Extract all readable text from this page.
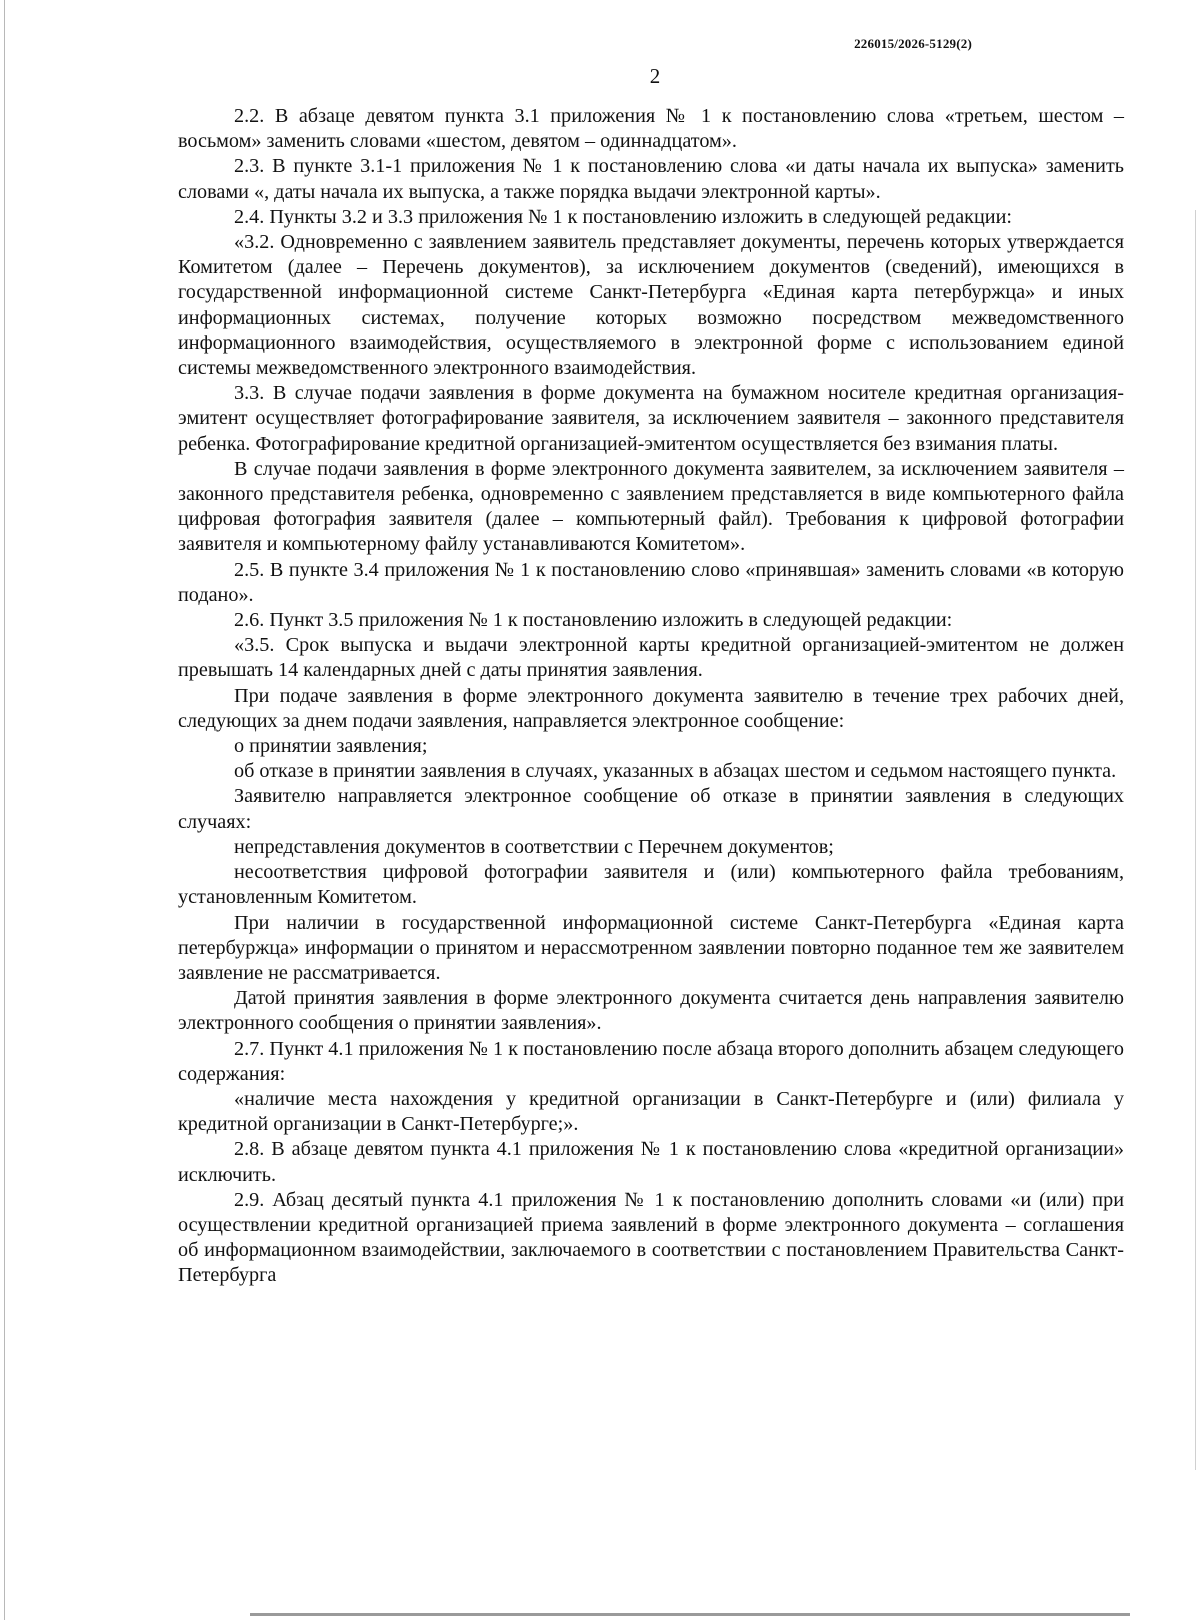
226015/2026-5129(2)
2

2.2. В абзаце девятом пункта 3.1 приложения № 1 к постановлению слова «третьем, шестом – восьмом» заменить словами «шестом, девятом – одиннадцатом».

2.3. В пункте 3.1-1 приложения № 1 к постановлению слова «и даты начала их выпуска» заменить словами «, даты начала их выпуска, а также порядка выдачи электронной карты».

2.4. Пункты 3.2 и 3.3 приложения № 1 к постановлению изложить в следующей редакции:

«3.2. Одновременно с заявлением заявитель представляет документы, перечень которых утверждается Комитетом (далее – Перечень документов), за исключением документов (сведений), имеющихся в государственной информационной системе Санкт-Петербурга «Единая карта петербуржца» и иных информационных системах, получение которых возможно посредством межведомственного информационного взаимодействия, осуществляемого в электронной форме с использованием единой системы межведомственного электронного взаимодействия.

3.3. В случае подачи заявления в форме документа на бумажном носителе кредитная организация-эмитент осуществляет фотографирование заявителя, за исключением заявителя – законного представителя ребенка. Фотографирование кредитной организацией-эмитентом осуществляется без взимания платы.

В случае подачи заявления в форме электронного документа заявителем, за исключением заявителя – законного представителя ребенка, одновременно с заявлением представляется в виде компьютерного файла цифровая фотография заявителя (далее – компьютерный файл). Требования к цифровой фотографии заявителя и компьютерному файлу устанавливаются Комитетом».

2.5. В пункте 3.4 приложения № 1 к постановлению слово «принявшая» заменить словами «в которую подано».

2.6. Пункт 3.5 приложения № 1 к постановлению изложить в следующей редакции:

«3.5. Срок выпуска и выдачи электронной карты кредитной организацией-эмитентом не должен превышать 14 календарных дней с даты принятия заявления.

При подаче заявления в форме электронного документа заявителю в течение трех рабочих дней, следующих за днем подачи заявления, направляется электронное сообщение:

о принятии заявления;

об отказе в принятии заявления в случаях, указанных в абзацах шестом и седьмом настоящего пункта.

Заявителю направляется электронное сообщение об отказе в принятии заявления в следующих случаях:

непредставления документов в соответствии с Перечнем документов;

несоответствия цифровой фотографии заявителя и (или) компьютерного файла требованиям, установленным Комитетом.

При наличии в государственной информационной системе Санкт-Петербурга «Единая карта петербуржца» информации о принятом и нерассмотренном заявлении повторно поданное тем же заявителем заявление не рассматривается.

Датой принятия заявления в форме электронного документа считается день направления заявителю электронного сообщения о принятии заявления».

2.7. Пункт 4.1 приложения № 1 к постановлению после абзаца второго дополнить абзацем следующего содержания:

«наличие места нахождения у кредитной организации в Санкт-Петербурге и (или) филиала у кредитной организации в Санкт-Петербурге;».

2.8. В абзаце девятом пункта 4.1 приложения № 1 к постановлению слова «кредитной организации» исключить.

2.9. Абзац десятый пункта 4.1 приложения № 1 к постановлению дополнить словами «и (или) при осуществлении кредитной организацией приема заявлений в форме электронного документа – соглашения об информационном взаимодействии, заключаемого в соответствии с постановлением Правительства Санкт-Петербурга
